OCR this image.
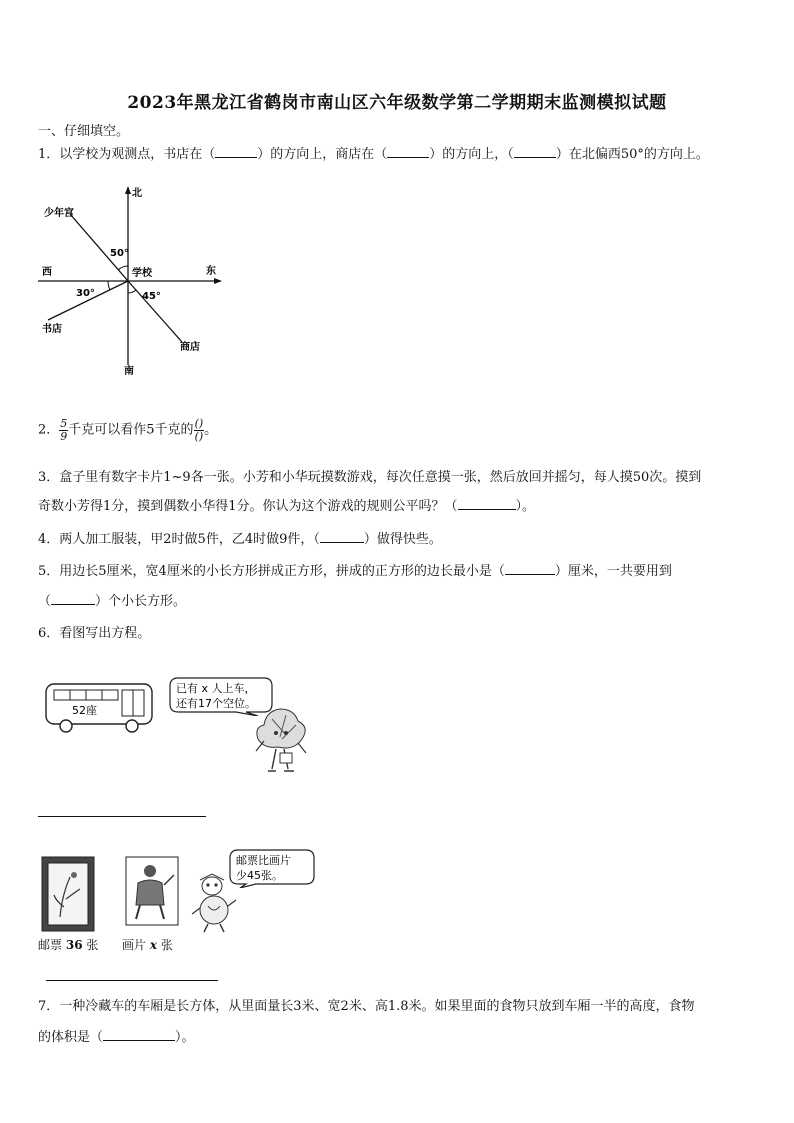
2023年黑龙江省鹤岗市南山区六年级数学第二学期期末监测模拟试题
一、仔细填空。
1．以学校为观测点，书店在（	）的方向上，商店在（	）的方向上，（	）在北偏西50°的方向上。
北
南
东
西	学校
少年宫
书店
商店
50°
30°	45°
2． $\frac{5}{9}$ 千克可以看作5千克的 $\frac{()}{()}$ 。
3．盒子里有数字卡片1~9各一张。小芳和小华玩摸数游戏，每次任意摸一张，然后放回并摇匀，每人摸50次。摸到
奇数小芳得1分，摸到偶数小华得1分。你认为这个游戏的规则公平吗？（	）。
4．两人加工服装，甲2时做5件，乙4时做9件，（	）做得快些。
5．用边长5厘米，宽4厘米的小长方形拼成正方形，拼成的正方形的边长最小是（	）厘米，一共要用到
（	）个小长方形。
6．看图写出方程。
52座
已有 x 人上车，
还有17个空位。
邮票比画片
少45张。
邮票 36 张 画片 x 张
7．一种冷藏车的车厢是长方体，从里面量长3米、宽2米、高1.8米。如果里面的食物只放到车厢一半的高度，食物
的体积是（	）。
